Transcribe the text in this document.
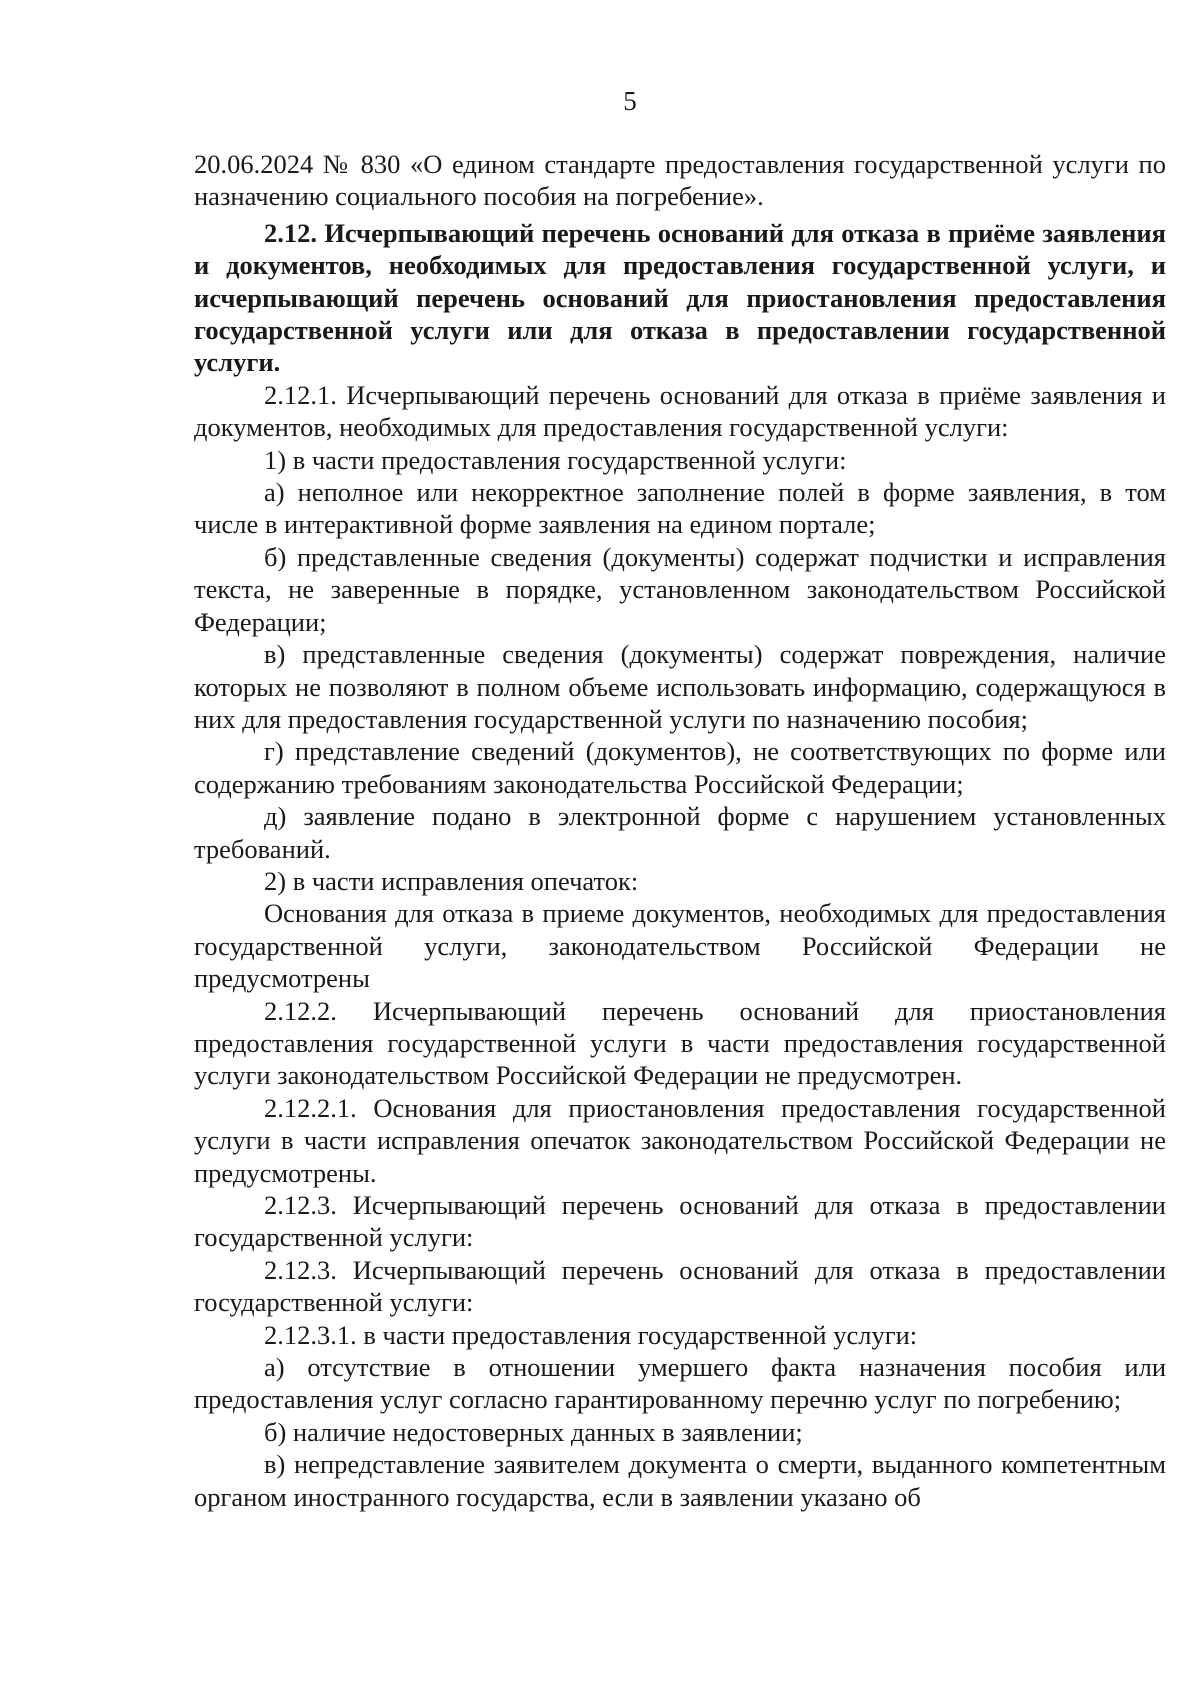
5

20.06.2024 № 830 «О едином стандарте предоставления государственной услуги по назначению социального пособия на погребение».

2.12. Исчерпывающий перечень оснований для отказа в приёме заявления и документов, необходимых для предоставления государственной услуги, и исчерпывающий перечень оснований для приостановления предоставления государственной услуги или для отказа в предоставлении государственной услуги.

2.12.1. Исчерпывающий перечень оснований для отказа в приёме заявления и документов, необходимых для предоставления государственной услуги:

1) в части предоставления государственной услуги:

а) неполное или некорректное заполнение полей в форме заявления, в том числе в интерактивной форме заявления на едином портале;

б) представленные сведения (документы) содержат подчистки и исправления текста, не заверенные в порядке, установленном законодательством Российской Федерации;

в) представленные сведения (документы) содержат повреждения, наличие которых не позволяют в полном объеме использовать информацию, содержащуюся в них для предоставления государственной услуги по назначению пособия;

г) представление сведений (документов), не соответствующих по форме или содержанию требованиям законодательства Российской Федерации;

д) заявление подано в электронной форме с нарушением установленных требований.

2) в части исправления опечаток:

Основания для отказа в приеме документов, необходимых для предоставления государственной услуги, законодательством Российской Федерации не предусмотрены

2.12.2. Исчерпывающий перечень оснований для приостановления предоставления государственной услуги в части предоставления государственной услуги законодательством Российской Федерации не предусмотрен.

2.12.2.1. Основания для приостановления предоставления государственной услуги в части исправления опечаток законодательством Российской Федерации не предусмотрены.

2.12.3. Исчерпывающий перечень оснований для отказа в предоставлении государственной услуги:

2.12.3. Исчерпывающий перечень оснований для отказа в предоставлении государственной услуги:

2.12.3.1. в части предоставления государственной услуги:

а) отсутствие в отношении умершего факта назначения пособия или предоставления услуг согласно гарантированному перечню услуг по погребению;

б) наличие недостоверных данных в заявлении;

в) непредставление заявителем документа о смерти, выданного компетентным органом иностранного государства, если в заявлении указано об
